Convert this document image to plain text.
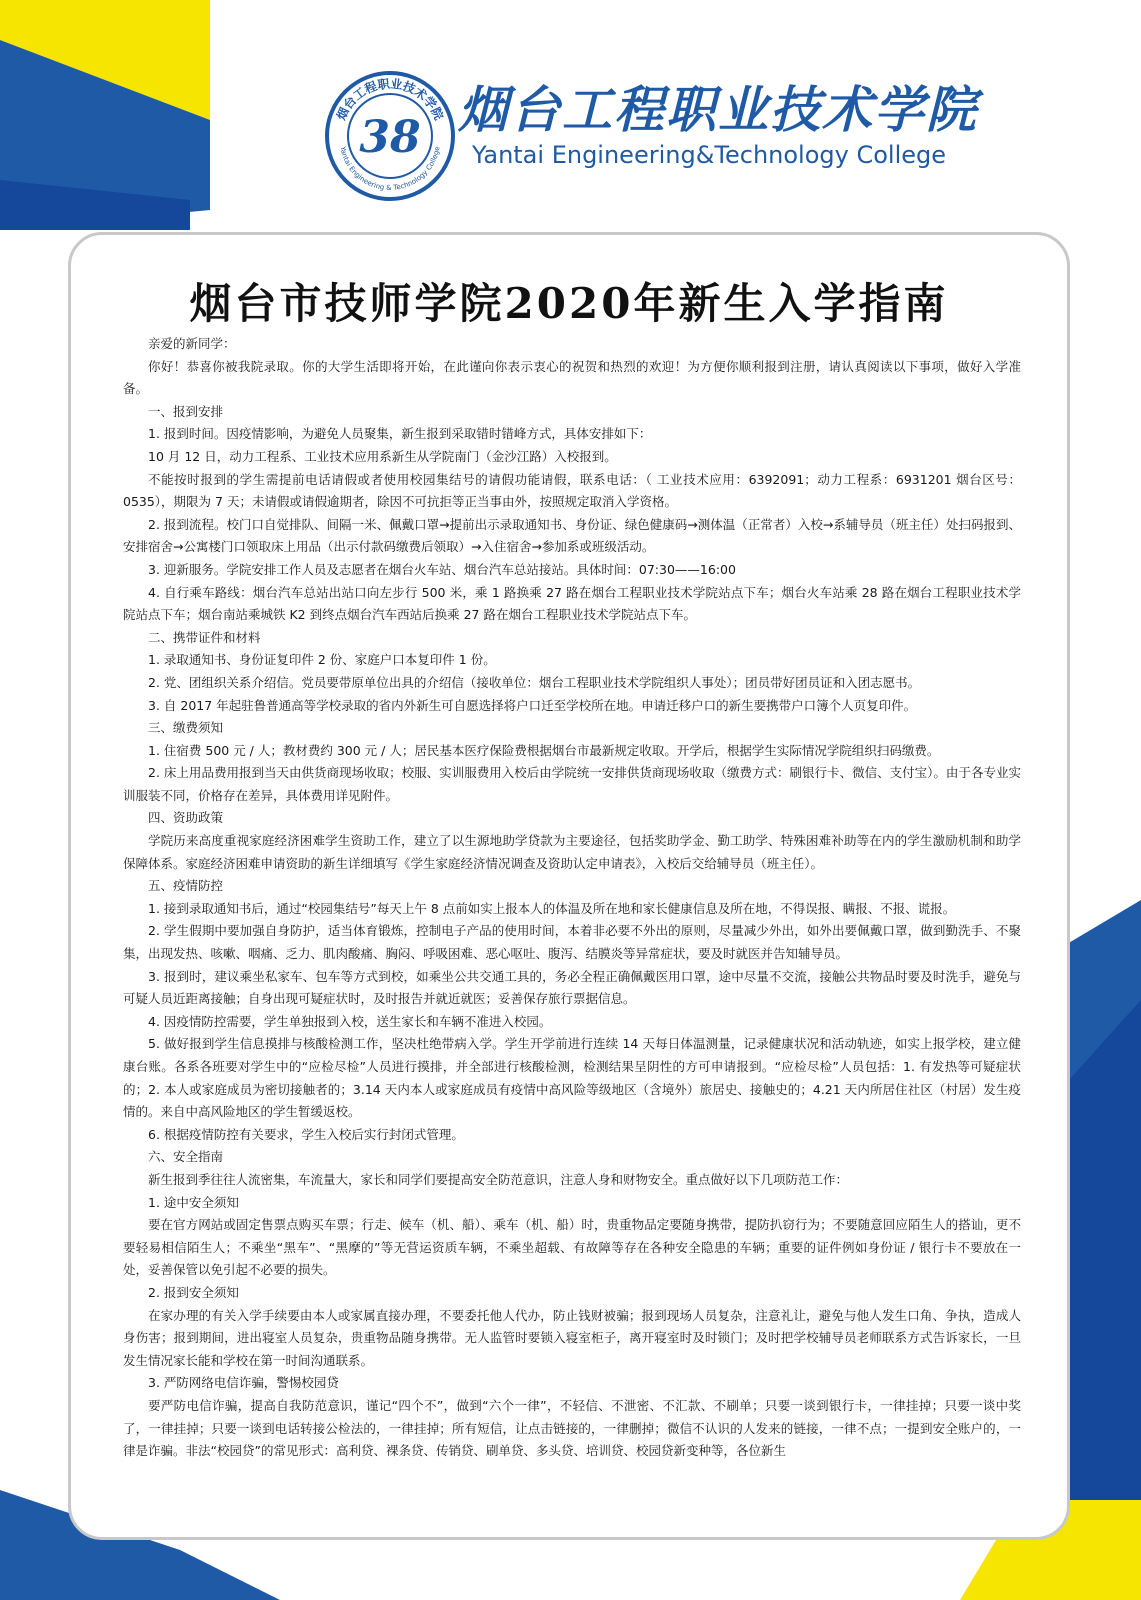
烟台工程职业技术学院
Yantai Engineering & Technology College
38 烟台工程职业技术学院
Yantai Engineering&Technology College
烟台市技师学院2020年新生入学指南

亲爱的新同学：

你好！恭喜你被我院录取。你的大学生活即将开始，在此谨向你表示衷心的祝贺和热烈的欢迎！为方便你顺利报到注册，请认真阅读以下事项，做好入学准备。

一、报到安排

1. 报到时间。因疫情影响，为避免人员聚集，新生报到采取错时错峰方式，具体安排如下：

10 月 12 日，动力工程系、工业技术应用系新生从学院南门（金沙江路）入校报到。

不能按时报到的学生需提前电话请假或者使用校园集结号的请假功能请假，联系电话：（ 工业技术应用：6392091；动力工程系：6931201 烟台区号：0535），期限为 7 天；未请假或请假逾期者，除因不可抗拒等正当事由外，按照规定取消入学资格。

2. 报到流程。校门口自觉排队、间隔一米、佩戴口罩→提前出示录取通知书、身份证、绿色健康码→测体温（正常者）入校→系辅导员（班主任）处扫码报到、安排宿舍→公寓楼门口领取床上用品（出示付款码缴费后领取）→入住宿舍→参加系或班级活动。

3. 迎新服务。学院安排工作人员及志愿者在烟台火车站、烟台汽车总站接站。具体时间：07:30——16:00

4. 自行乘车路线：烟台汽车总站出站口向左步行 500 米，乘 1 路换乘 27 路在烟台工程职业技术学院站点下车；烟台火车站乘 28 路在烟台工程职业技术学院站点下车；烟台南站乘城铁 K2 到终点烟台汽车西站后换乘 27 路在烟台工程职业技术学院站点下车。

二、携带证件和材料

1. 录取通知书、身份证复印件 2 份、家庭户口本复印件 1 份。

2. 党、团组织关系介绍信。党员要带原单位出具的介绍信（接收单位：烟台工程职业技术学院组织人事处）；团员带好团员证和入团志愿书。

3. 自 2017 年起驻鲁普通高等学校录取的省内外新生可自愿选择将户口迁至学校所在地。申请迁移户口的新生要携带户口簿个人页复印件。

三、缴费须知

1. 住宿费 500 元 / 人；教材费约 300 元 / 人；居民基本医疗保险费根据烟台市最新规定收取。开学后，根据学生实际情况学院组织扫码缴费。

2. 床上用品费用报到当天由供货商现场收取；校服、实训服费用入校后由学院统一安排供货商现场收取（缴费方式：刷银行卡、微信、支付宝）。由于各专业实训服装不同，价格存在差异，具体费用详见附件。

四、资助政策

学院历来高度重视家庭经济困难学生资助工作，建立了以生源地助学贷款为主要途径，包括奖助学金、勤工助学、特殊困难补助等在内的学生激励机制和助学保障体系。家庭经济困难申请资助的新生详细填写《学生家庭经济情况调查及资助认定申请表》，入校后交给辅导员（班主任）。

五、疫情防控

1. 接到录取通知书后，通过“校园集结号”每天上午 8 点前如实上报本人的体温及所在地和家长健康信息及所在地，不得误报、瞒报、不报、谎报。

2. 学生假期中要加强自身防护，适当体育锻炼，控制电子产品的使用时间，本着非必要不外出的原则，尽量减少外出，如外出要佩戴口罩，做到勤洗手、不聚集，出现发热、咳嗽、咽痛、乏力、肌肉酸痛、胸闷、呼吸困难、恶心呕吐、腹泻、结膜炎等异常症状，要及时就医并告知辅导员。

3. 报到时，建议乘坐私家车、包车等方式到校，如乘坐公共交通工具的，务必全程正确佩戴医用口罩，途中尽量不交流，接触公共物品时要及时洗手，避免与可疑人员近距离接触；自身出现可疑症状时，及时报告并就近就医；妥善保存旅行票据信息。

4. 因疫情防控需要，学生单独报到入校，送生家长和车辆不准进入校园。

5. 做好报到学生信息摸排与核酸检测工作，坚决杜绝带病入学。学生开学前进行连续 14 天每日体温测量，记录健康状况和活动轨迹，如实上报学校，建立健康台账。各系各班要对学生中的“应检尽检”人员进行摸排，并全部进行核酸检测，检测结果呈阴性的方可申请报到。“应检尽检”人员包括：1. 有发热等可疑症状的；2. 本人或家庭成员为密切接触者的；3.14 天内本人或家庭成员有疫情中高风险等级地区（含境外）旅居史、接触史的；4.21 天内所居住社区（村居）发生疫情的。来自中高风险地区的学生暂缓返校。

6. 根据疫情防控有关要求，学生入校后实行封闭式管理。

六、安全指南

新生报到季往往人流密集，车流量大，家长和同学们要提高安全防范意识，注意人身和财物安全。重点做好以下几项防范工作：

1. 途中安全须知

要在官方网站或固定售票点购买车票；行走、候车（机、船）、乘车（机、船）时，贵重物品定要随身携带，提防扒窃行为；不要随意回应陌生人的搭讪，更不要轻易相信陌生人；不乘坐“黑车”、“黑摩的”等无营运资质车辆，不乘坐超载、有故障等存在各种安全隐患的车辆；重要的证件例如身份证 / 银行卡不要放在一处，妥善保管以免引起不必要的损失。

2. 报到安全须知

在家办理的有关入学手续要由本人或家属直接办理，不要委托他人代办，防止钱财被骗；报到现场人员复杂，注意礼让，避免与他人发生口角、争执，造成人身伤害；报到期间，进出寝室人员复杂，贵重物品随身携带。无人监管时要锁入寝室柜子，离开寝室时及时锁门；及时把学校辅导员老师联系方式告诉家长，一旦发生情况家长能和学校在第一时间沟通联系。

3. 严防网络电信诈骗，警惕校园贷

要严防电信诈骗，提高自我防范意识，谨记“四个不”，做到“六个一律”，不轻信、不泄密、不汇款、不刷单；只要一谈到银行卡，一律挂掉；只要一谈中奖了，一律挂掉；只要一谈到电话转接公检法的，一律挂掉；所有短信，让点击链接的，一律删掉；微信不认识的人发来的链接，一律不点；一提到安全账户的，一律是诈骗。非法“校园贷”的常见形式：高利贷、裸条贷、传销贷、刷单贷、多头贷、培训贷、校园贷新变种等，各位新生
